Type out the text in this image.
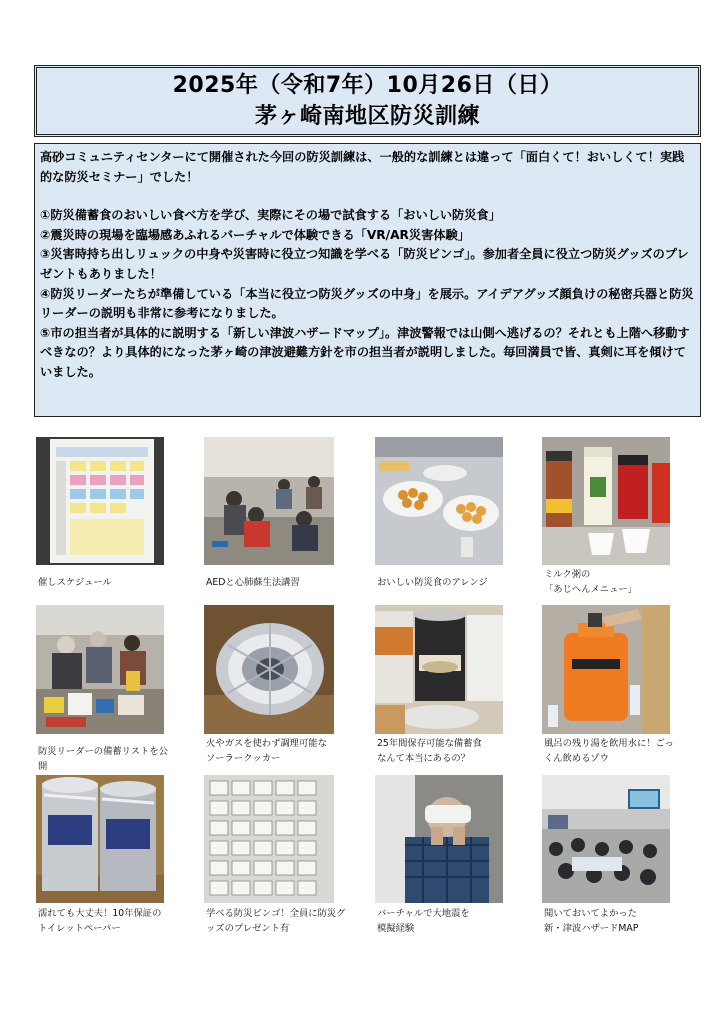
2025年（令和7年）10月26日（日）
茅ヶ崎南地区防災訓練

高砂コミュニティセンターにて開催された今回の防災訓練は、一般的な訓練とは違って「面白くて！おいしくて！実践的な防災セミナー」でした！

①防災備蓄食のおいしい食べ方を学び、実際にその場で試食する「おいしい防災食」

②震災時の現場を臨場感あふれるバーチャルで体験できる「VR/AR災害体験」

③災害時持ち出しリュックの中身や災害時に役立つ知識を学べる「防災ビンゴ」。参加者全員に役立つ防災グッズのプレゼントもありました！

④防災リーダーたちが準備している「本当に役立つ防災グッズの中身」を展示。アイデアグッズ顔負けの秘密兵器と防災リーダーの説明も非常に参考になりました。

⑤市の担当者が具体的に説明する「新しい津波ハザードマップ」。津波警報では山側へ逃げるの？それとも上階へ移動すべきなの？より具体的になった茅ヶ崎の津波避難方針を市の担当者が説明しました。毎回満員で皆、真剣に耳を傾けていました。

催しスケジュール	AEDと心肺蘇生法講習	おいしい防災食のアレンジ
ミルク粥の
「あじへんメニュー」
防災リーダーの備蓄リストを公開
火やガスを使わず調理可能なソーラークッカー
25年間保存可能な備蓄食
なんて本当にあるの？
風呂の残り湯を飲用水に！ごっくん飲めるゾウ
濡れても大丈夫！10年保証のトイレットペーパー
学べる防災ビンゴ！全員に防災グッズのプレゼント有
バーチャルで大地震を
模擬経験
聞いておいてよかった
新・津波ハザードMAP
